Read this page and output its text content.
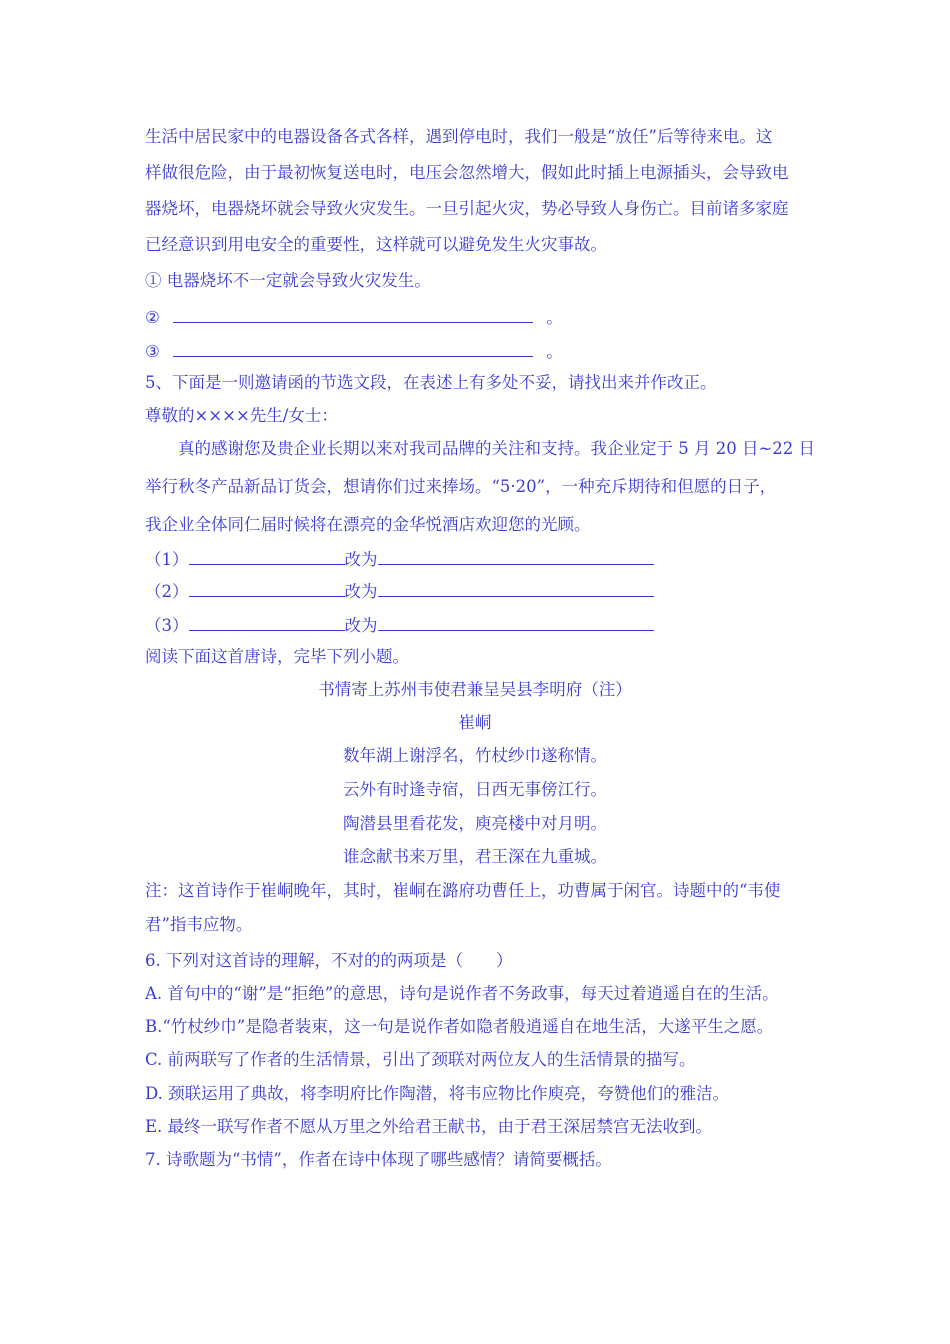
生活中居民家中的电器设备各式各样，遇到停电时，我们一般是“放任”后等待来电。这
样做很危险，由于最初恢复送电时，电压会忽然增大，假如此时插上电源插头，会导致电
器烧坏，电器烧坏就会导致火灾发生。一旦引起火灾，势必导致人身伤亡。目前诸多家庭
已经意识到用电安全的重要性，这样就可以避免发生火灾事故。
① 电器烧坏不一定就会导致火灾发生。
②	。
③	。
5、下面是一则邀请函的节选文段，在表述上有多处不妥，请找出来并作改正。
尊敬的××××先生/女士：
真的感谢您及贵企业长期以来对我司品牌的关注和支持。我企业定于 5 月 20 日~22 日
举行秋冬产品新品订货会，想请你们过来捧场。“5·20”，一种充斥期待和但愿的日子，
我企业全体同仁届时候将在漂亮的金华悦酒店欢迎您的光顾。
（1）	改为
（2）	改为
（3）	改为
阅读下面这首唐诗，完毕下列小题。
书情寄上苏州韦使君兼呈吴县李明府（注）
崔峒
数年湖上谢浮名，竹杖纱巾遂称情。
云外有时逢寺宿，日西无事傍江行。
陶潜县里看花发，庾亮楼中对月明。
谁念献书来万里，君王深在九重城。
注：这首诗作于崔峒晚年，其时，崔峒在潞府功曹任上，功曹属于闲官。诗题中的“韦使
君”指韦应物。
6. 下列对这首诗的理解，不对的的两项是（　　）
A. 首句中的“谢”是“拒绝”的意思，诗句是说作者不务政事，每天过着逍遥自在的生活。
B.“竹杖纱巾”是隐者装束，这一句是说作者如隐者般逍遥自在地生活，大遂平生之愿。
C. 前两联写了作者的生活情景，引出了颈联对两位友人的生活情景的描写。
D. 颈联运用了典故，将李明府比作陶潜，将韦应物比作庾亮，夸赞他们的雅洁。
E. 最终一联写作者不愿从万里之外给君王献书，由于君王深居禁宫无法收到。
7. 诗歌题为“书情”，作者在诗中体现了哪些感情？请简要概括。
